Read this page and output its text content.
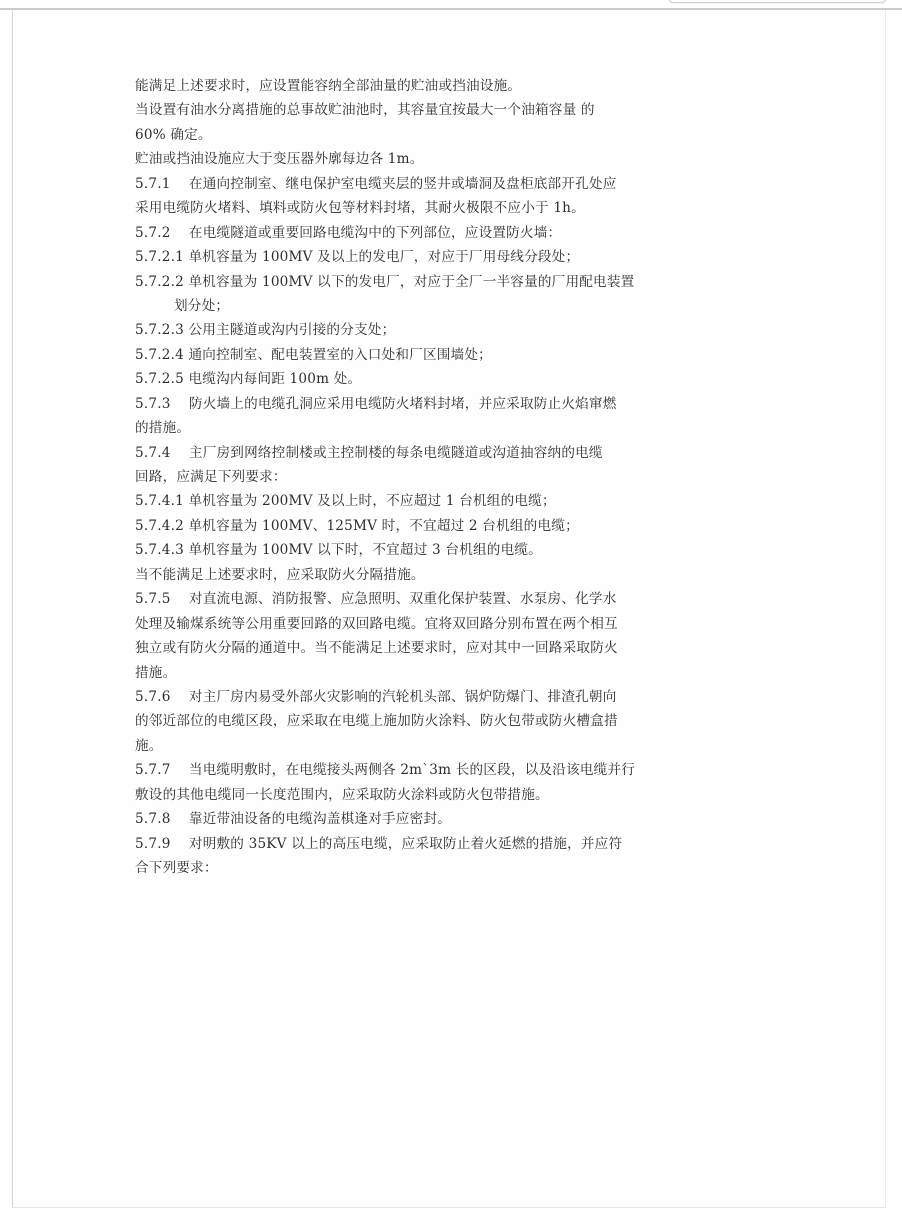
能满足上述要求时，应设置能容纳全部油量的贮油或挡油设施。
当设置有油水分离措施的总事故贮油池时，其容量宜按最大一个油箱容量 的
60% 确定。
贮油或挡油设施应大于变压器外廓每边各 1m。
5.7.1　 在通向控制室、继电保护室电缆夹层的竖井或墙洞及盘柜底部开孔处应
采用电缆防火堵料、填料或防火包等材料封堵，其耐火极限不应小于 1h。
5.7.2　 在电缆隧道或重要回路电缆沟中的下列部位，应设置防火墙：
5.7.2.1 单机容量为 100MV 及以上的发电厂，对应于厂用母线分段处；
5.7.2.2 单机容量为 100MV 以下的发电厂，对应于全厂一半容量的厂用配电装置
划分处；
5.7.2.3 公用主隧道或沟内引接的分支处；
5.7.2.4 通向控制室、配电装置室的入口处和厂区围墙处；
5.7.2.5 电缆沟内每间距 100m 处。
5.7.3　 防火墙上的电缆孔洞应采用电缆防火堵料封堵，并应采取防止火焰窜燃
的措施。
5.7.4　 主厂房到网络控制楼或主控制楼的每条电缆隧道或沟道抽容纳的电缆
回路，应满足下列要求：
5.7.4.1 单机容量为 200MV 及以上时，不应超过 1 台机组的电缆；
5.7.4.2 单机容量为 100MV、125MV 时，不宜超过 2 台机组的电缆；
5.7.4.3 单机容量为 100MV 以下时，不宜超过 3 台机组的电缆。
当不能满足上述要求时，应采取防火分隔措施。
5.7.5　 对直流电源、消防报警、应急照明、双重化保护装置、水泵房、化学水
处理及输煤系统等公用重要回路的双回路电缆。宜将双回路分别布置在两个相互
独立或有防火分隔的通道中。当不能满足上述要求时，应对其中一回路采取防火
措施。
5.7.6　 对主厂房内易受外部火灾影响的汽轮机头部、锅炉防爆门、排渣孔朝向
的邻近部位的电缆区段，应采取在电缆上施加防火涂料、防火包带或防火槽盒措
施。
5.7.7　 当电缆明敷时，在电缆接头两侧各 2m`3m 长的区段，以及沿该电缆并行
敷设的其他电缆同一长度范围内，应采取防火涂料或防火包带措施。
5.7.8　 靠近带油设备的电缆沟盖棋逢对手应密封。
5.7.9　 对明敷的 35KV 以上的高压电缆，应采取防止着火延燃的措施，并应符
合下列要求：
